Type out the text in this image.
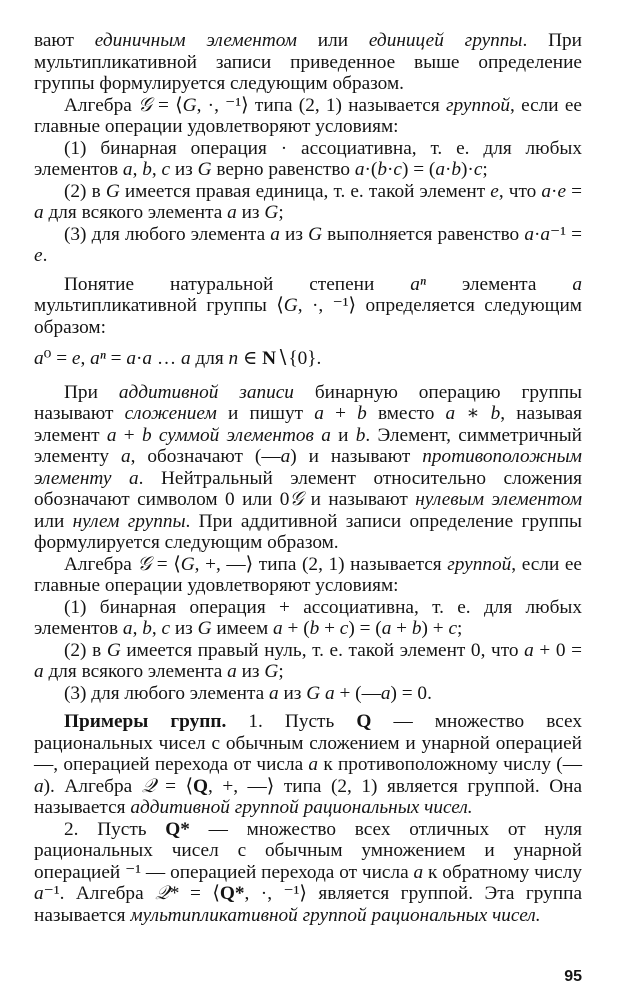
вают единичным элементом или единицей группы. При мультипликативной записи приведенное выше определение группы формулируется следующим образом.

Алгебра 𝒢 = ⟨G, ·, ⁻¹⟩ типа (2, 1) называется группой, если ее главные операции удовлетворяют условиям:

(1) бинарная операция · ассоциативна, т. е. для любых элементов a, b, c из G верно равенство a·(b·c) = (a·b)·c;

(2) в G имеется правая единица, т. е. такой элемент e, что a·e = a для всякого элемента a из G;

(3) для любого элемента a из G выполняется равенство a·a⁻¹ = e.

Понятие натуральной степени aⁿ элемента a мультипликативной группы ⟨G, ·, ⁻¹⟩ определяется следующим образом:

a⁰ = e, aⁿ = a·a … a для n ∈ N∖{0}.

При аддитивной записи бинарную операцию группы называют сложением и пишут a + b вместо a ∗ b, называя элемент a + b суммой элементов a и b. Элемент, симметричный элементу a, обозначают (—a) и называют противоположным элементу a. Нейтральный элемент относительно сложения обозначают символом 0 или 0𝒢 и называют нулевым элементом или нулем группы. При аддитивной записи определение группы формулируется следующим образом.

Алгебра 𝒢 = ⟨G, +, —⟩ типа (2, 1) называется группой, если ее главные операции удовлетворяют условиям:

(1) бинарная операция + ассоциативна, т. е. для любых элементов a, b, c из G имеем a + (b + c) = (a + b) + c;

(2) в G имеется правый нуль, т. е. такой элемент 0, что a + 0 = a для всякого элемента a из G;

(3) для любого элемента a из G a + (—a) = 0.

Примеры групп. 1. Пусть Q — множество всех рациональных чисел с обычным сложением и унарной операцией —, операцией перехода от числа a к противоположному числу (—a). Алгебра 𝒬 = ⟨Q, +, —⟩ типа (2, 1) является группой. Она называется аддитивной группой рациональных чисел.

2. Пусть Q* — множество всех отличных от нуля рациональных чисел с обычным умножением и унарной операцией ⁻¹ — операцией перехода от числа a к обратному числу a⁻¹. Алгебра 𝒬* = ⟨Q*, ·, ⁻¹⟩ является группой. Эта группа называется мультипликативной группой рациональных чисел.

95
